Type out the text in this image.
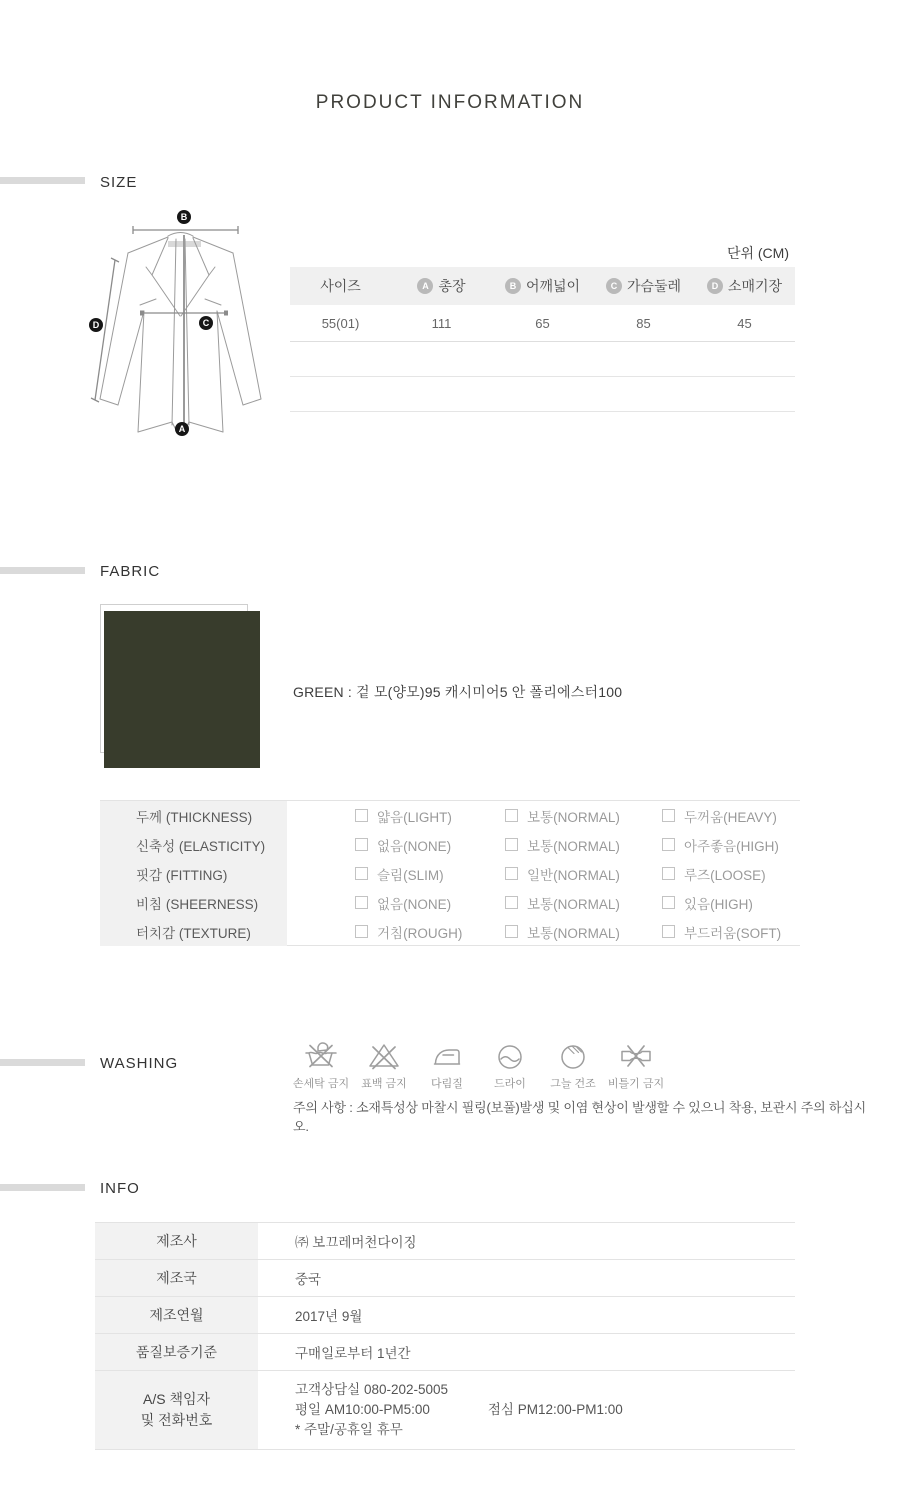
PRODUCT INFORMATION
SIZE
B
A
C
D
단위 (CM)
사이즈	A 총장	B 어깨넓이	C 가슴둘레	D 소매기장
55(01)	111	65	85	45
FABRIC
GREEN : 겉 모(양모)95 캐시미어5 안 폴리에스터100
두께 (THICKNESS)	얇음(LIGHT)	보통(NORMAL)	두꺼움(HEAVY)
신축성 (ELASTICITY)	없음(NONE)	보통(NORMAL)	아주좋음(HIGH)
핏감 (FITTING)	슬림(SLIM)	일반(NORMAL)	루즈(LOOSE)
비침 (SHEERNESS)	없음(NONE)	보통(NORMAL)	있음(HIGH)
터치감 (TEXTURE)	거침(ROUGH)	보통(NORMAL)	부드러움(SOFT)
WASHING
손세탁 금지 표백 금지 다림질	드라이 그늘 건조 비틀기 금지
주의 사항 : 소재특성상 마찰시 필링(보풀)발생 및 이염 현상이 발생할 수 있으니 착용, 보관시 주의 하십시오.
INFO
제조사	㈜ 보끄레머천다이징
제조국	중국
제조연월	2017년 9월
품질보증기준	구매일로부터 1년간
A/S 책임자
및 전화번호
고객상담실 080-202-5005
평일 AM10:00-PM5:00	점심 PM12:00-PM1:00
* 주말/공휴일 휴무
